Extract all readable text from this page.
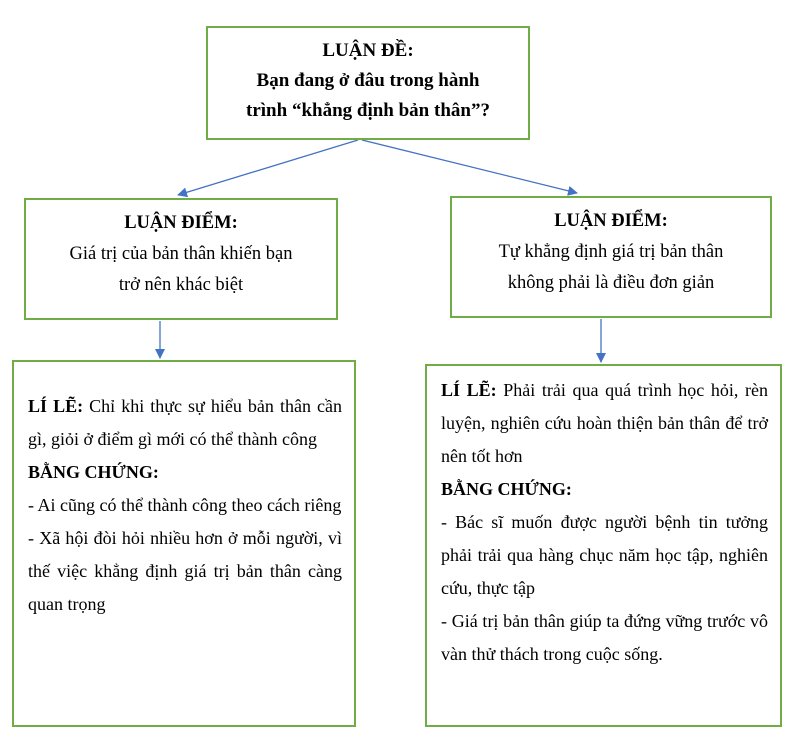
LUẬN ĐỀ:
Bạn đang ở đâu trong hành
trình “khẳng định bản thân”?
LUẬN ĐIỂM:
Giá trị của bản thân khiến bạn
trở nên khác biệt
LUẬN ĐIỂM:
Tự khẳng định giá trị bản thân
không phải là điều đơn giản

LÍ LẼ: Chỉ khi thực sự hiểu bản thân cần gì, giỏi ở điểm gì mới có thể thành công

BẰNG CHỨNG:

- Ai cũng có thể thành công theo cách riêng

- Xã hội đòi hỏi nhiều hơn ở mỗi người, vì thế việc khẳng định giá trị bản thân càng quan trọng

LÍ LẼ: Phải trải qua quá trình học hỏi, rèn luyện, nghiên cứu hoàn thiện bản thân để trở nên tốt hơn

BẰNG CHỨNG:

- Bác sĩ muốn được người bệnh tin tưởng phải trải qua hàng chục năm học tập, nghiên cứu, thực tập

- Giá trị bản thân giúp ta đứng vững trước vô vàn thử thách trong cuộc sống.
